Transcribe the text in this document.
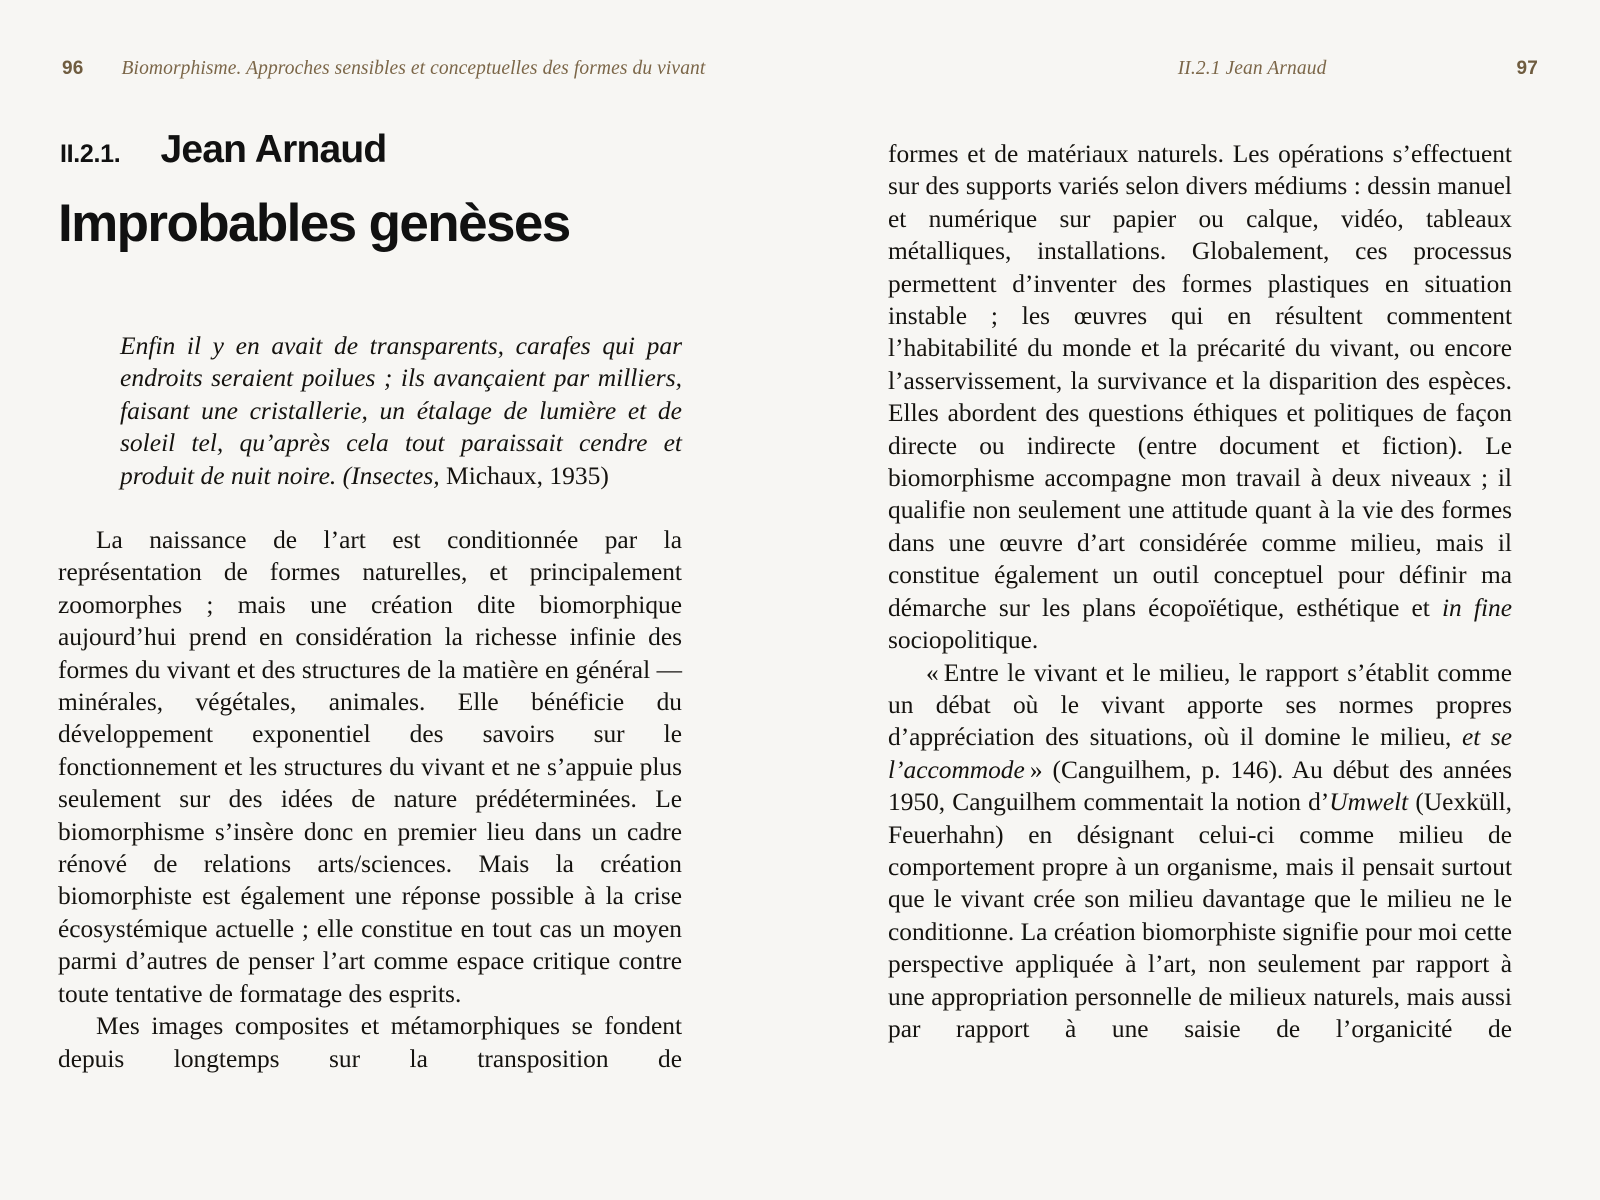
96 Biomorphisme. Approches sensibles et conceptuelles des formes du vivant	II.2.1 Jean Arnaud	97
II.2.1. Jean Arnaud
Improbables genèses
Enfin il y en avait de transparents, carafes qui par endroits seraient poilues ; ils avançaient par milliers, faisant une cristallerie, un étalage de lumière et de soleil tel, qu’après cela tout paraissait cendre et produit de nuit noire. (Insectes, Michaux, 1935)

La naissance de l’art est conditionnée par la représentation de formes naturelles, et principalement zoomorphes ; mais une création dite biomorphique aujourd’hui prend en considération la richesse infinie des formes du vivant et des structures de la matière en général — minérales, végétales, animales. Elle bénéficie du développement exponentiel des savoirs sur le fonctionnement et les structures du vivant et ne s’appuie plus seulement sur des idées de nature prédéterminées. Le biomorphisme s’insère donc en premier lieu dans un cadre rénové de relations arts/sciences. Mais la création biomorphiste est également une réponse possible à la crise écosystémique actuelle ; elle constitue en tout cas un moyen parmi d’autres de penser l’art comme espace critique contre toute tentative de formatage des esprits.

Mes images composites et métamorphiques se fondent depuis longtemps sur la transposition de

formes et de matériaux naturels. Les opérations s’effectuent sur des supports variés selon divers médiums : dessin manuel et numérique sur papier ou calque, vidéo, tableaux métalliques, installations. Globalement, ces processus permettent d’inventer des formes plastiques en situation instable ; les œuvres qui en résultent commentent l’habitabilité du monde et la précarité du vivant, ou encore l’asservissement, la survivance et la disparition des espèces. Elles abordent des questions éthiques et politiques de façon directe ou indirecte (entre document et fiction). Le biomorphisme accompagne mon travail à deux niveaux ; il qualifie non seulement une attitude quant à la vie des formes dans une œuvre d’art considérée comme milieu, mais il constitue également un outil conceptuel pour définir ma démarche sur les plans écopoïétique, esthétique et in fine sociopolitique.

« Entre le vivant et le milieu, le rapport s’établit comme un débat où le vivant apporte ses normes propres d’appréciation des situations, où il domine le milieu, et se l’accommode » (Canguilhem, p. 146). Au début des années 1950, Canguilhem commentait la notion d’Umwelt (Uexküll, Feuerhahn) en désignant celui-ci comme milieu de comportement propre à un organisme, mais il pensait surtout que le vivant crée son milieu davantage que le milieu ne le conditionne. La création biomorphiste signifie pour moi cette perspective appliquée à l’art, non seulement par rapport à une appropriation personnelle de milieux naturels, mais aussi par rapport à une saisie de l’organicité de
